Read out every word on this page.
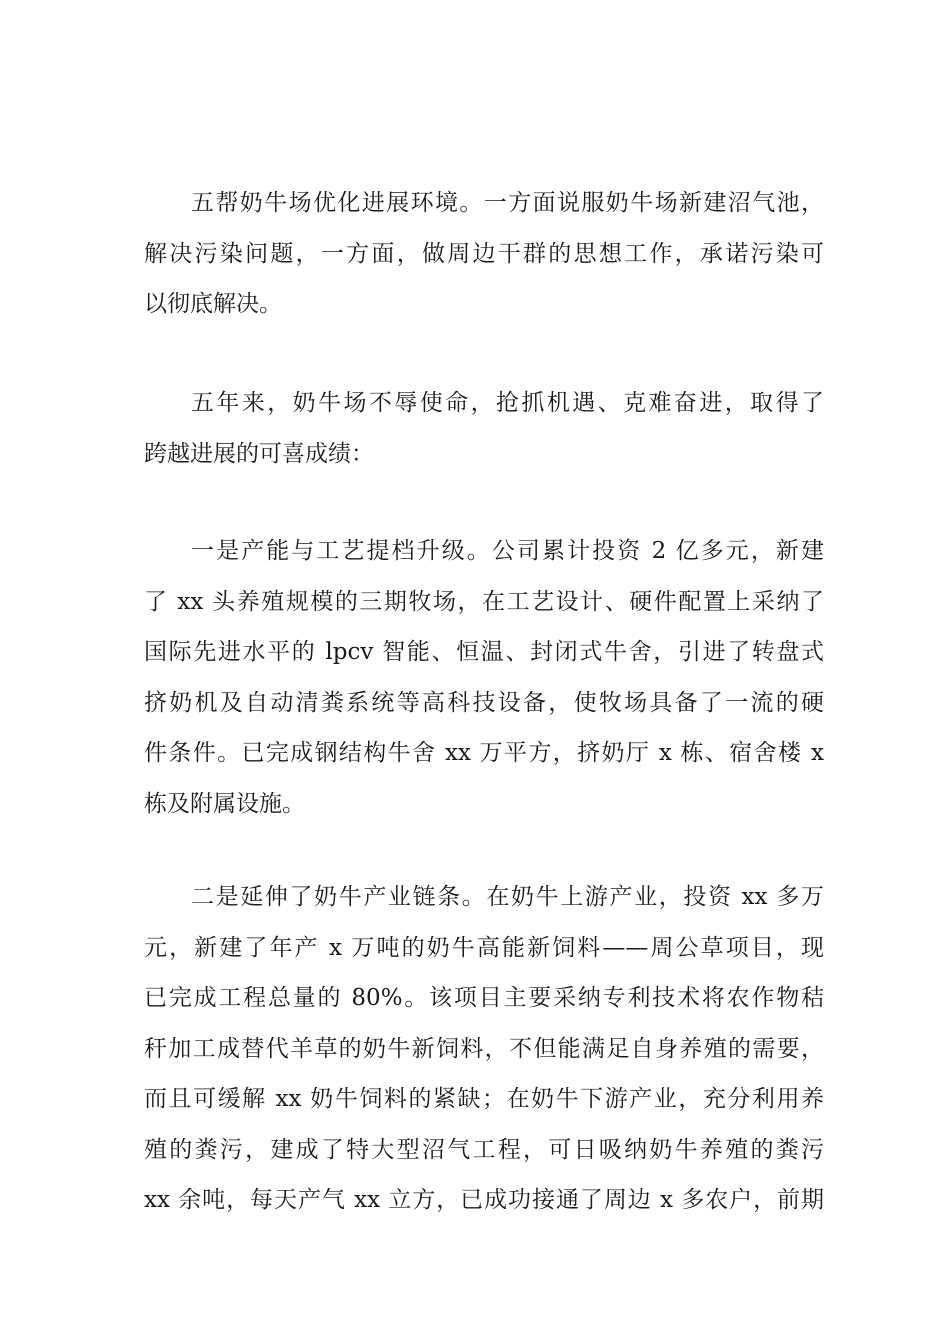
五帮奶牛场优化进展环境。一方面说服奶牛场新建沼气池，
解决污染问题，一方面，做周边干群的思想工作，承诺污染可
以彻底解决。
五年来，奶牛场不辱使命，抢抓机遇、克难奋进，取得了
跨越进展的可喜成绩：
一是产能与工艺提档升级。公司累计投资 2 亿多元，新建
了 xx 头养殖规模的三期牧场，在工艺设计、硬件配置上采纳了
国际先进水平的 lpcv 智能、恒温、封闭式牛舍，引进了转盘式
挤奶机及自动清粪系统等高科技设备，使牧场具备了一流的硬
件条件。已完成钢结构牛舍 xx 万平方，挤奶厅 x 栋、宿舍楼 x
栋及附属设施。
二是延伸了奶牛产业链条。在奶牛上游产业，投资 xx 多万
元，新建了年产 x 万吨的奶牛高能新饲料——周公草项目，现
已完成工程总量的 80%。该项目主要采纳专利技术将农作物秸
秆加工成替代羊草的奶牛新饲料，不但能满足自身养殖的需要，
而且可缓解 xx 奶牛饲料的紧缺；在奶牛下游产业，充分利用养
殖的粪污，建成了特大型沼气工程，可日吸纳奶牛养殖的粪污
xx 余吨，每天产气 xx 立方，已成功接通了周边 x 多农户，前期
